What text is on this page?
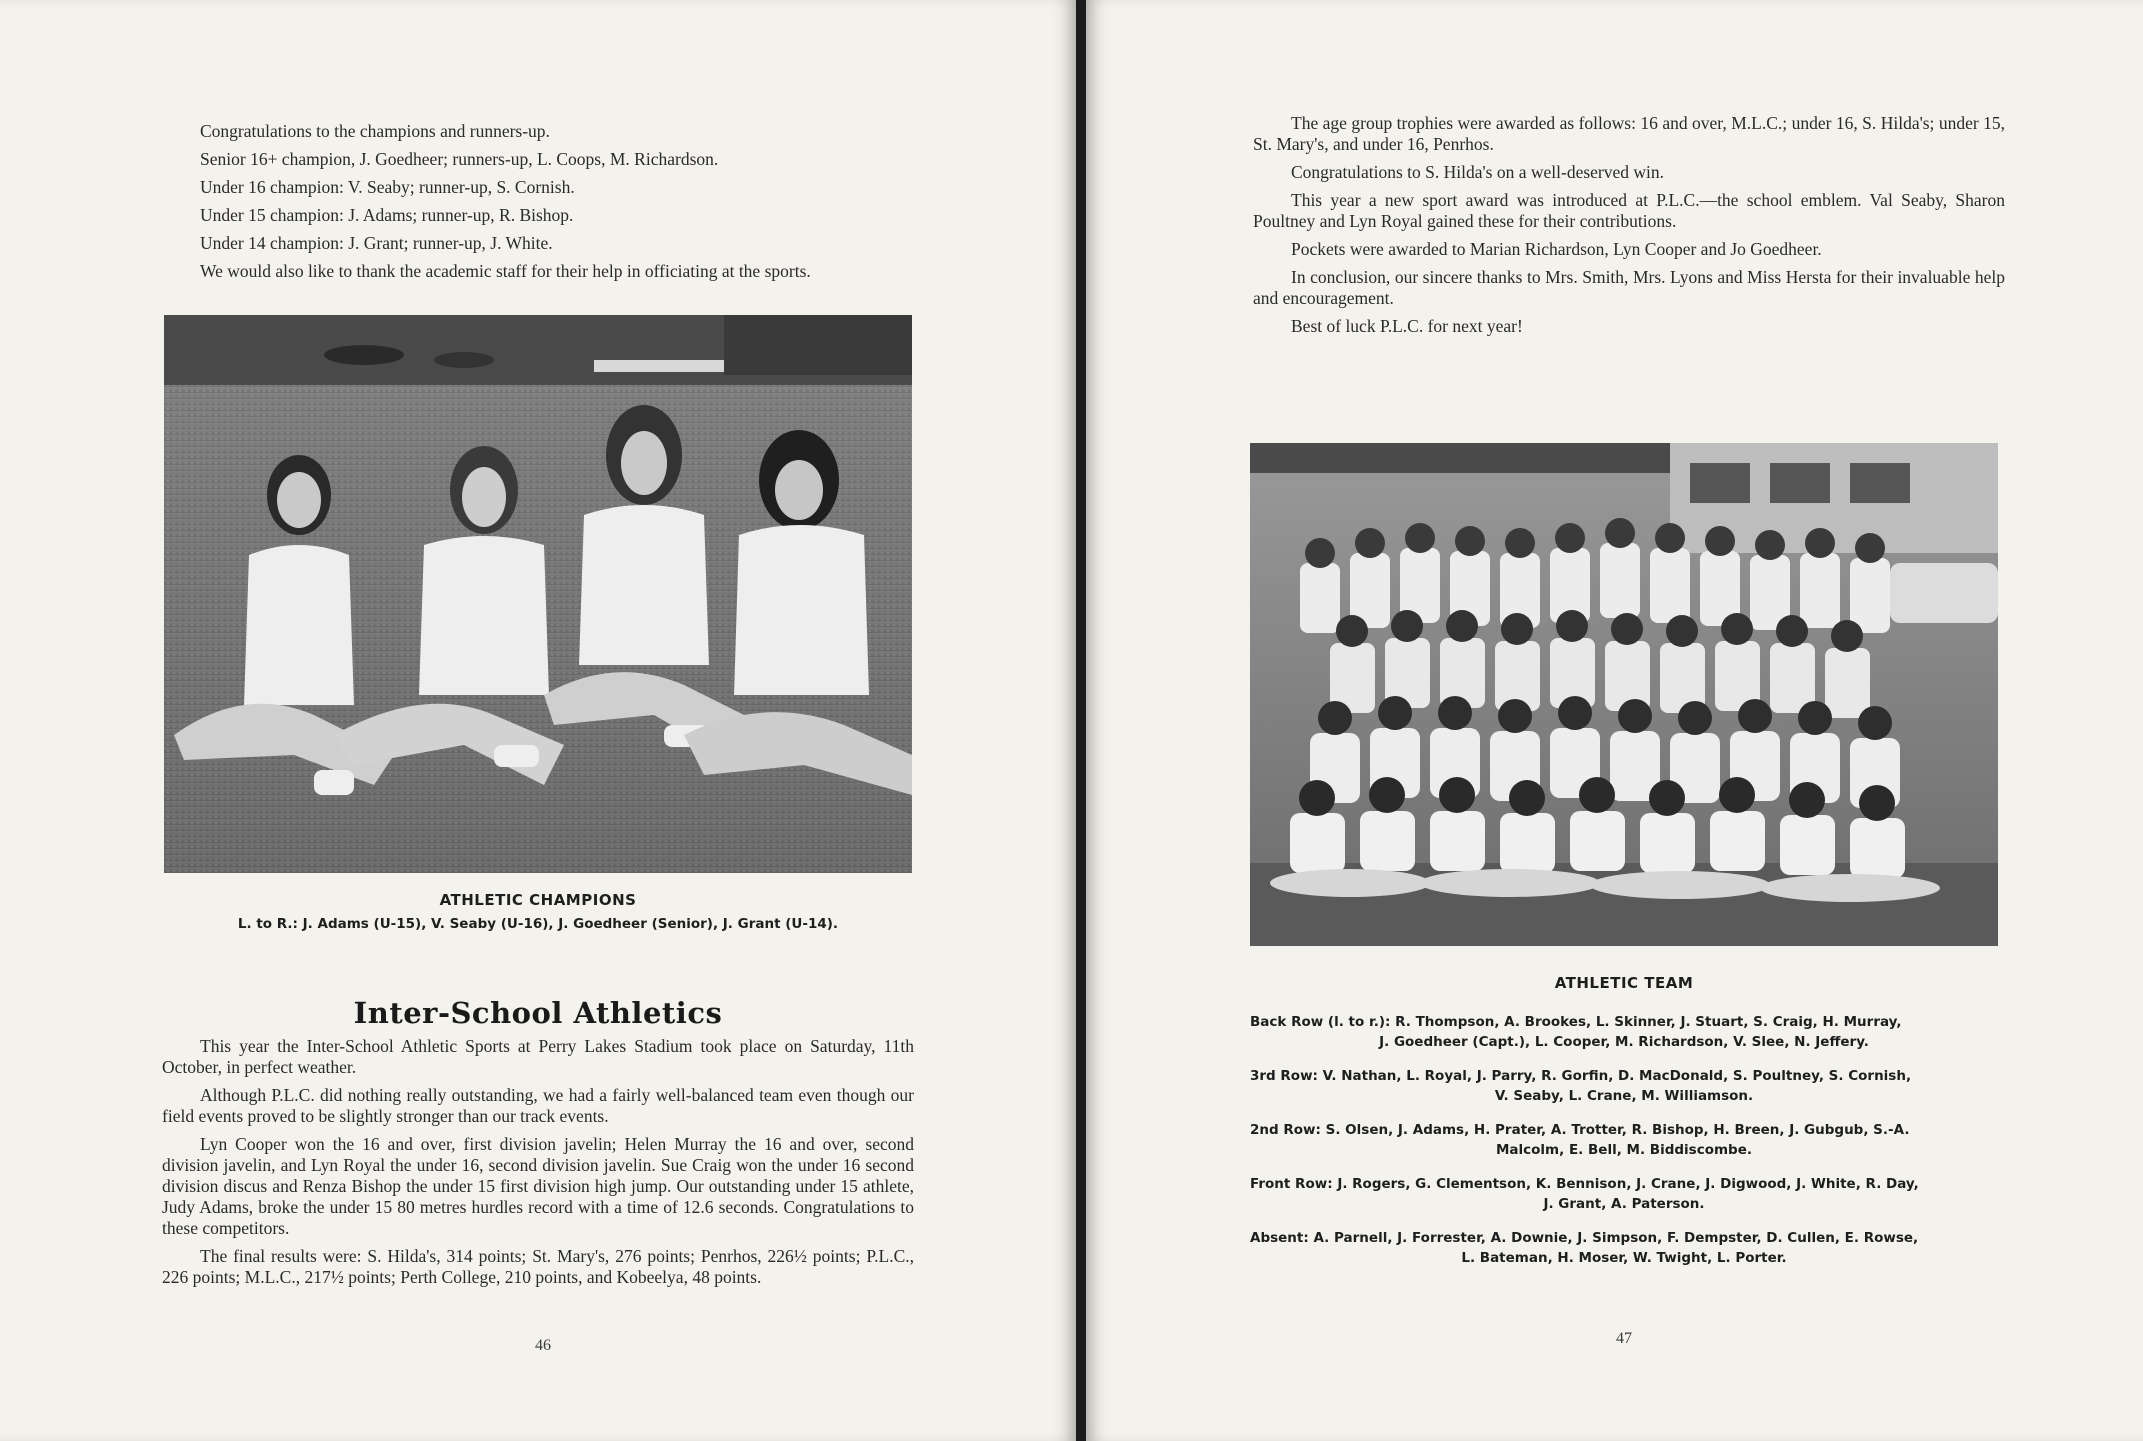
Congratulations to the champions and runners-up.

Senior 16+ champion, J. Goedheer; runners-up, L. Coops, M. Richardson.

Under 16 champion: V. Seaby; runner-up, S. Cornish.

Under 15 champion: J. Adams; runner-up, R. Bishop.

Under 14 champion: J. Grant; runner-up, J. White.

We would also like to thank the academic staff for their help in officiating at the sports.

ATHLETIC CHAMPIONS
L. to R.: J. Adams (U-15), V. Seaby (U-16), J. Goedheer (Senior), J. Grant (U-14).
Inter-School Athletics

This year the Inter-School Athletic Sports at Perry Lakes Stadium took place on Saturday, 11th October, in perfect weather.

Although P.L.C. did nothing really outstanding, we had a fairly well-balanced team even though our field events proved to be slightly stronger than our track events.

Lyn Cooper won the 16 and over, first division javelin; Helen Murray the 16 and over, second division javelin, and Lyn Royal the under 16, second division javelin. Sue Craig won the under 16 second division discus and Renza Bishop the under 15 first division high jump. Our outstanding under 15 athlete, Judy Adams, broke the under 15 80 metres hurdles record with a time of 12.6 seconds. Congratulations to these competitors.

The final results were: S. Hilda's, 314 points; St. Mary's, 276 points; Penrhos, 226½ points; P.L.C., 226 points; M.L.C., 217½ points; Perth College, 210 points, and Kobeelya, 48 points.

46

The age group trophies were awarded as follows: 16 and over, M.L.C.; under 16, S. Hilda's; under 15, St. Mary's, and under 16, Penrhos.

Congratulations to S. Hilda's on a well-deserved win.

This year a new sport award was introduced at P.L.C.—the school emblem. Val Seaby, Sharon Poultney and Lyn Royal gained these for their contributions.

Pockets were awarded to Marian Richardson, Lyn Cooper and Jo Goedheer.

In conclusion, our sincere thanks to Mrs. Smith, Mrs. Lyons and Miss Hersta for their invaluable help and encouragement.

Best of luck P.L.C. for next year!

ATHLETIC TEAM

Back Row (l. to r.): R. Thompson, A. Brookes, L. Skinner, J. Stuart, S. Craig, H. Murray,
J. Goedheer (Capt.), L. Cooper, M. Richardson, V. Slee, N. Jeffery.

3rd Row: V. Nathan, L. Royal, J. Parry, R. Gorfin, D. MacDonald, S. Poultney, S. Cornish,
V. Seaby, L. Crane, M. Williamson.

2nd Row: S. Olsen, J. Adams, H. Prater, A. Trotter, R. Bishop, H. Breen, J. Gubgub, S.-A.
Malcolm, E. Bell, M. Biddiscombe.

Front Row: J. Rogers, G. Clementson, K. Bennison, J. Crane, J. Digwood, J. White, R. Day,
J. Grant, A. Paterson.

Absent: A. Parnell, J. Forrester, A. Downie, J. Simpson, F. Dempster, D. Cullen, E. Rowse,
L. Bateman, H. Moser, W. Twight, L. Porter.

47
